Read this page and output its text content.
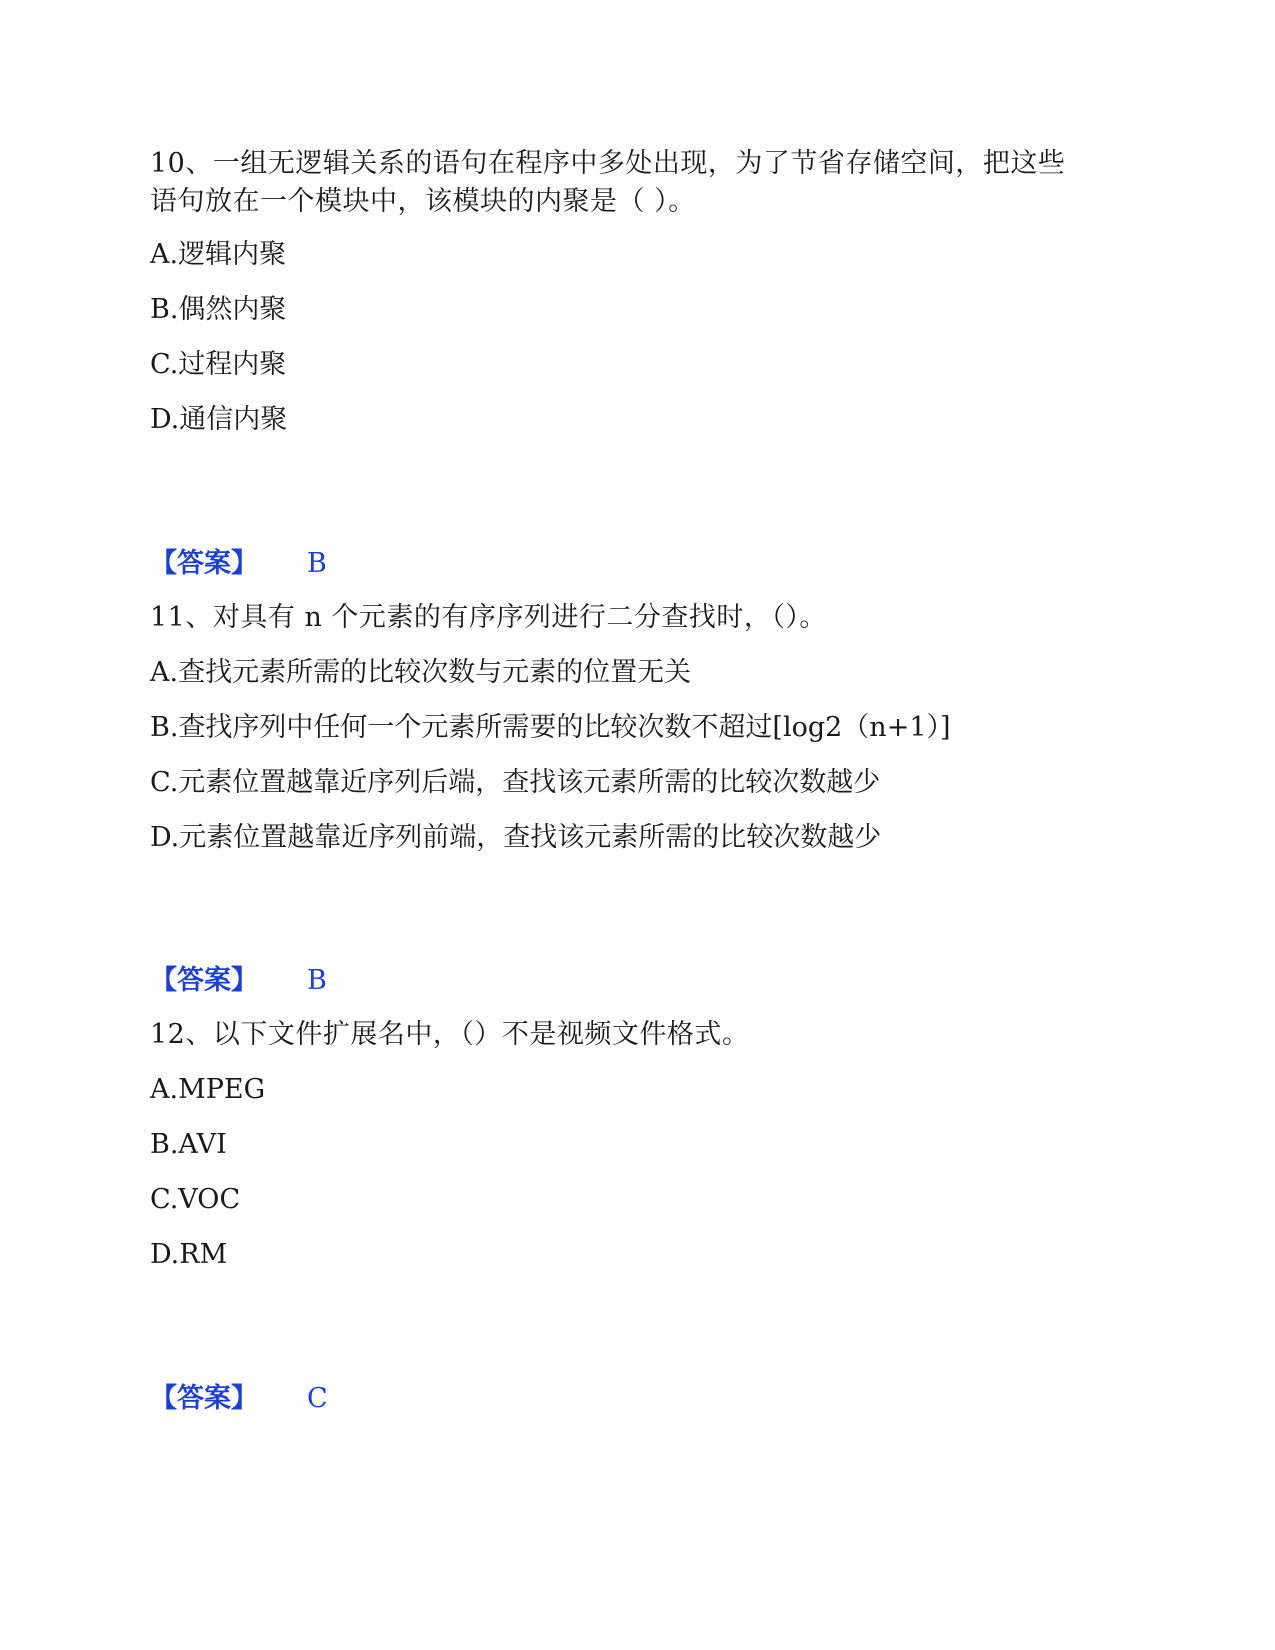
10、一组无逻辑关系的语句在程序中多处出现，为了节省存储空间，把这些
语句放在一个模块中，该模块的内聚是（ ）。
A.逻辑内聚
B.偶然内聚
C.过程内聚
D.通信内聚
【答案】 B
11、对具有 n 个元素的有序序列进行二分查找时，（）。
A.查找元素所需的比较次数与元素的位置无关
B.查找序列中任何一个元素所需要的比较次数不超过[log2（n+1）]
C.元素位置越靠近序列后端，查找该元素所需的比较次数越少
D.元素位置越靠近序列前端，查找该元素所需的比较次数越少
【答案】 B
12、以下文件扩展名中，（）不是视频文件格式。
A.MPEG
B.AVI
C.VOC
D.RM
【答案】 C
